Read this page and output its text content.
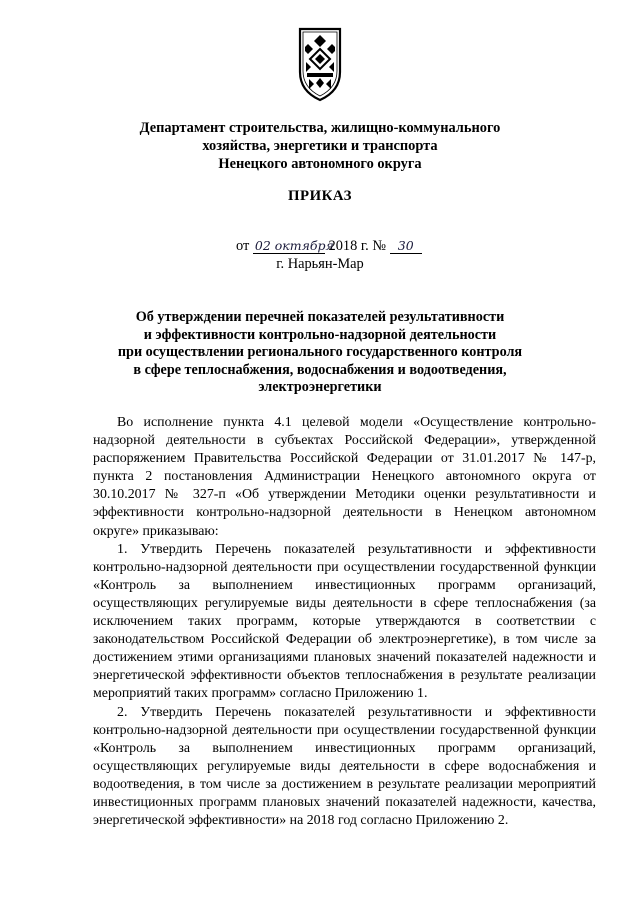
Департамент строительства, жилищно-коммунального
хозяйства, энергетики и транспорта
Ненецкого автономного округа
ПРИКАЗ
от 02 октября 2018 г. № 30
г. Нарьян-Мар
Об утверждении перечней показателей результативности
и эффективности контрольно-надзорной деятельности
при осуществлении регионального государственного контроля
в сфере теплоснабжения, водоснабжения и водоотведения,
электроэнергетики

Во исполнение пункта 4.1 целевой модели «Осуществление контрольно-надзорной деятельности в субъектах Российской Федерации», утвержденной распоряжением Правительства Российской Федерации от 31.01.2017 № 147-р, пункта 2 постановления Администрации Ненецкого автономного округа от 30.10.2017 № 327-п «Об утверждении Методики оценки результативности и эффективности контрольно-надзорной деятельности в Ненецком автономном округе» приказываю:

1. Утвердить Перечень показателей результативности и эффективности контрольно-надзорной деятельности при осуществлении государственной функции «Контроль за выполнением инвестиционных программ организаций, осуществляющих регулируемые виды деятельности в сфере теплоснабжения (за исключением таких программ, которые утверждаются в соответствии с законодательством Российской Федерации об электроэнергетике), в том числе за достижением этими организациями плановых значений показателей надежности и энергетической эффективности объектов теплоснабжения в результате реализации мероприятий таких программ» согласно Приложению 1.

2. Утвердить Перечень показателей результативности и эффективности контрольно-надзорной деятельности при осуществлении государственной функции «Контроль за выполнением инвестиционных программ организаций, осуществляющих регулируемые виды деятельности в сфере водоснабжения и водоотведения, в том числе за достижением в результате реализации мероприятий инвестиционных программ плановых значений показателей надежности, качества, энергетической эффективности» на 2018 год согласно Приложению 2.
